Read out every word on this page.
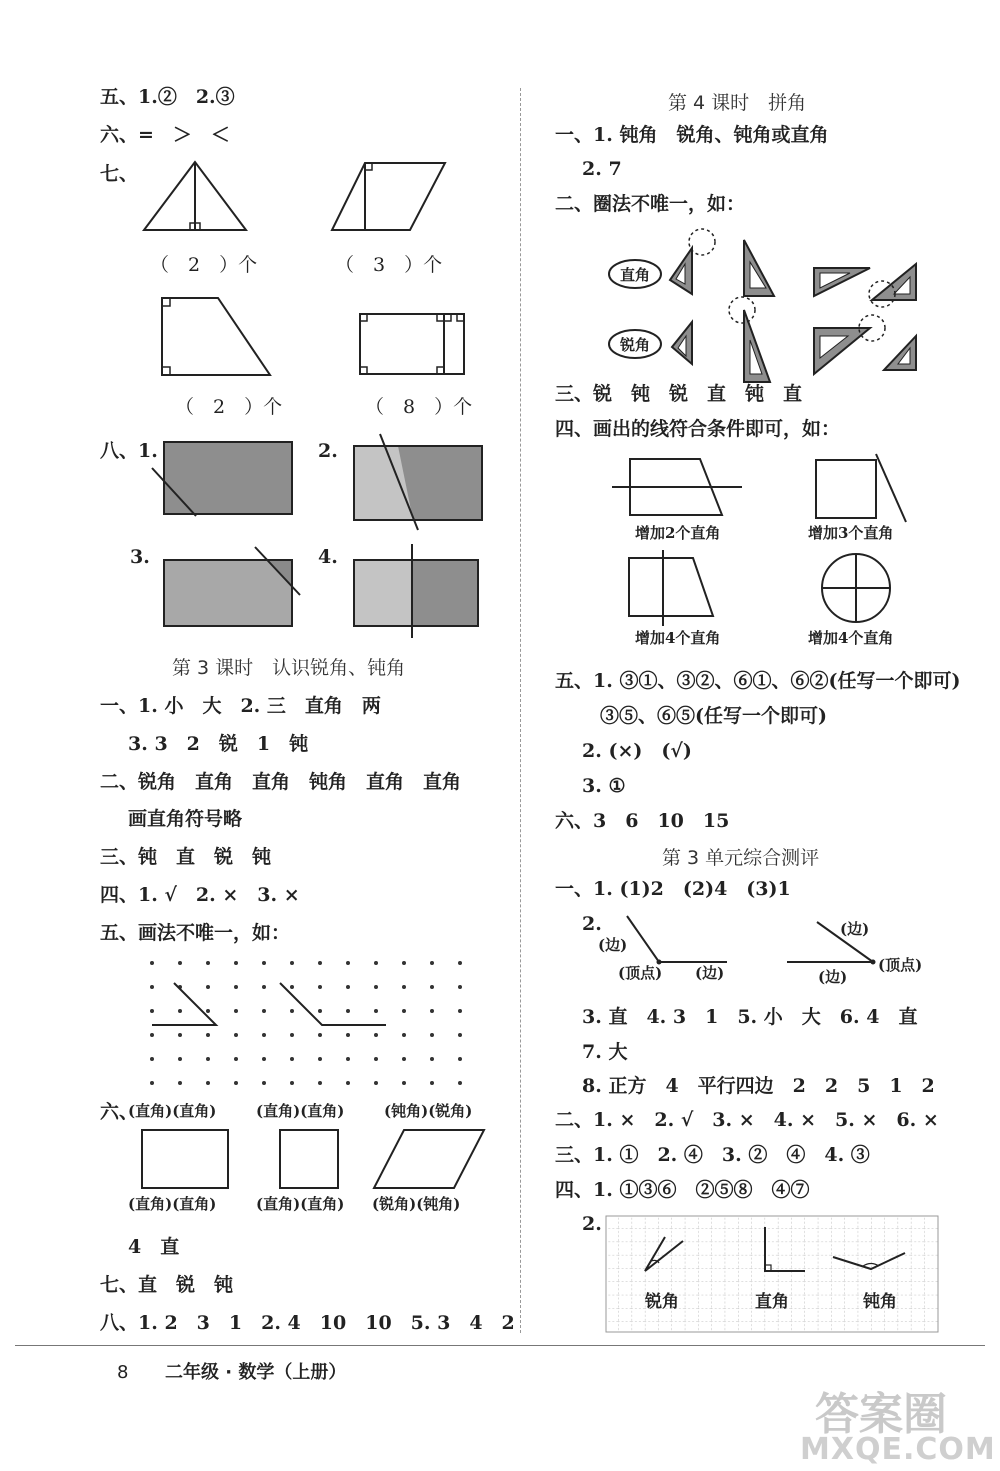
五、1.②　2.③
六、=　＞　＜
七、
（　2　）个	（　3　）个
（　2　）个	（　8　）个
八、1.	2.
3.	4.
第 3 课时　认识锐角、钝角
一、1. 小　大　2. 三　直角　两
3. 3　2　锐　1　钝
二、锐角　直角　直角　钝角　直角　直角
画直角符号略
三、钝　直　锐　钝
四、1. √　2. ×　3. ×
五、画法不唯一，如：
六、
(直角)(直角)	(直角)(直角)	(钝角)(锐角)
(直角)(直角)	(直角)(直角) (锐角)(钝角)
4　直
七、直　锐　钝
八、1. 2　3　1　2. 4　10　10　5. 3　4　2
第 4 课时　拼角
一、1. 钝角　锐角、钝角或直角
2. 7
二、圈法不唯一，如：
直角
锐角
三、锐　钝　锐　直　钝　直
四、画出的线符合条件即可，如：
增加2个直角	增加3个直角
增加4个直角	增加4个直角
五、1. ③①、③②、⑥①、⑥②(任写一个即可)
③⑤、⑥⑤(任写一个即可)
2. (×)　(√)
3. ①
六、3　6　10　15
第 3 单元综合测评
一、1. (1)2　(2)4　(3)1
2.
(边)
(顶点) (边)
(边)
(顶点)
(边)
3. 直　4. 3　1　5. 小　大　6. 4　直
7. 大
8. 正方　4　平行四边　2　2　5　1　2
二、1. ×　2. √　3. ×　4. ×　5. ×　6. ×
三、1. ①　2. ④　3. ②　④　4. ③
四、1. ①③⑥　②⑤⑧　④⑦
2.
锐角	直角	钝角
8 二年级 · 数学（上册）
答案圈
MXQE.COM
